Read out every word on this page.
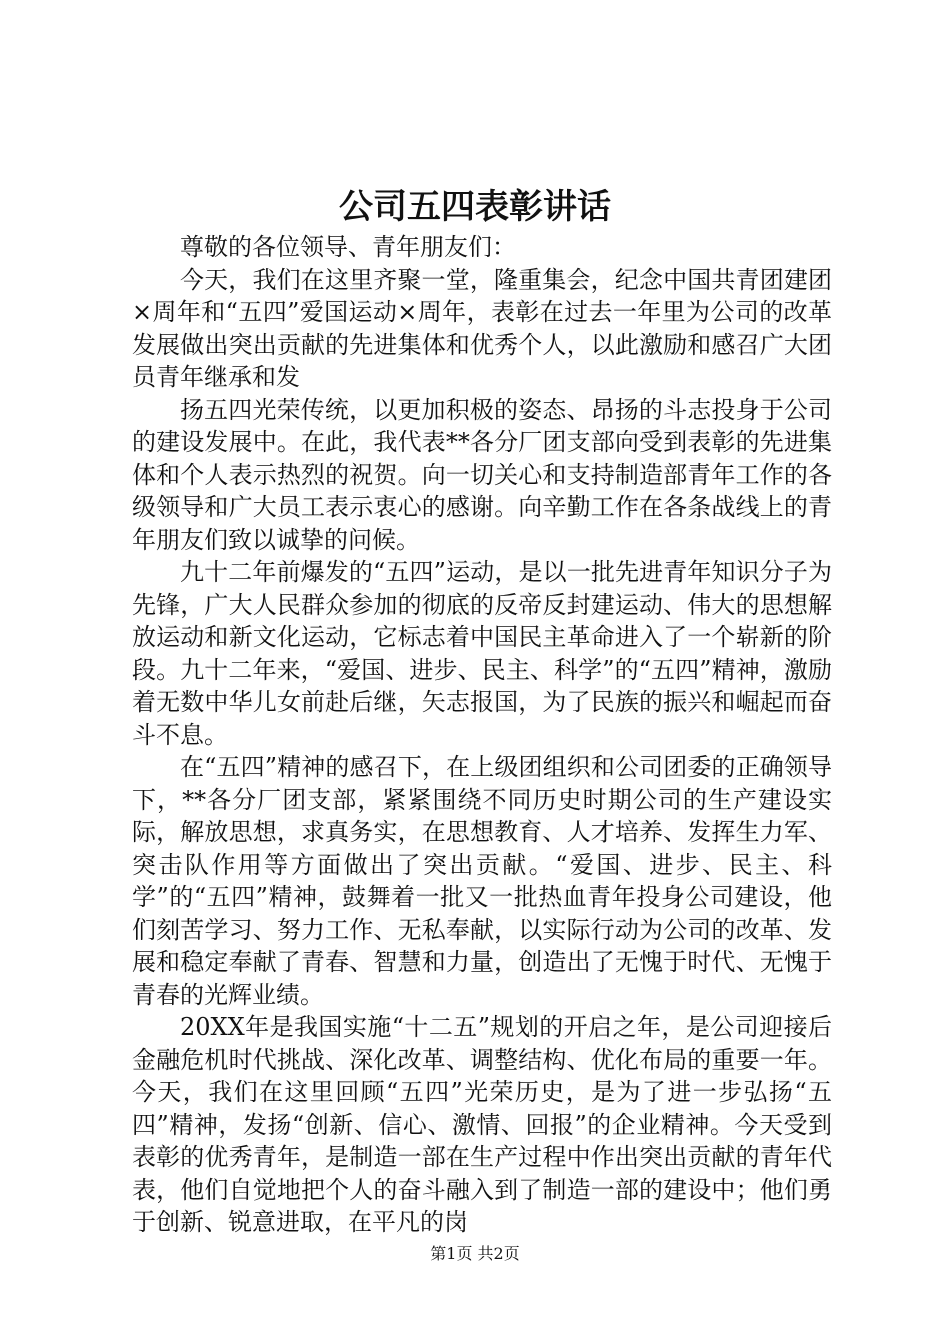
公司五四表彰讲话

尊敬的各位领导、青年朋友们：

今天，我们在这里齐聚一堂，隆重集会，纪念中国共青团建团×周年和“五四”爱国运动×周年，表彰在过去一年里为公司的改革发展做出突出贡献的先进集体和优秀个人，以此激励和感召广大团员青年继承和发

扬五四光荣传统，以更加积极的姿态、昂扬的斗志投身于公司的建设发展中。在此，我代表**各分厂团支部向受到表彰的先进集体和个人表示热烈的祝贺。向一切关心和支持制造部青年工作的各级领导和广大员工表示衷心的感谢。向辛勤工作在各条战线上的青年朋友们致以诚挚的问候。

九十二年前爆发的“五四”运动，是以一批先进青年知识分子为先锋，广大人民群众参加的彻底的反帝反封建运动、伟大的思想解放运动和新文化运动，它标志着中国民主革命进入了一个崭新的阶段。九十二年来，“爱国、进步、民主、科学”的“五四”精神，激励着无数中华儿女前赴后继，矢志报国，为了民族的振兴和崛起而奋斗不息。

在“五四”精神的感召下，在上级团组织和公司团委的正确领导下，**各分厂团支部，紧紧围绕不同历史时期公司的生产建设实际，解放思想，求真务实，在思想教育、人才培养、发挥生力军、突击队作用等方面做出了突出贡献。“爱国、进步、民主、科学”的“五四”精神，鼓舞着一批又一批热血青年投身公司建设，他们刻苦学习、努力工作、无私奉献，以实际行动为公司的改革、发展和稳定奉献了青春、智慧和力量，创造出了无愧于时代、无愧于青春的光辉业绩。

20XX年是我国实施“十二五”规划的开启之年，是公司迎接后金融危机时代挑战、深化改革、调整结构、优化布局的重要一年。今天，我们在这里回顾“五四”光荣历史，是为了进一步弘扬“五四”精神，发扬“创新、信心、激情、回报”的企业精神。今天受到表彰的优秀青年，是制造一部在生产过程中作出突出贡献的青年代表，他们自觉地把个人的奋斗融入到了制造一部的建设中；他们勇于创新、锐意进取，在平凡的岗

第1页 共2页
